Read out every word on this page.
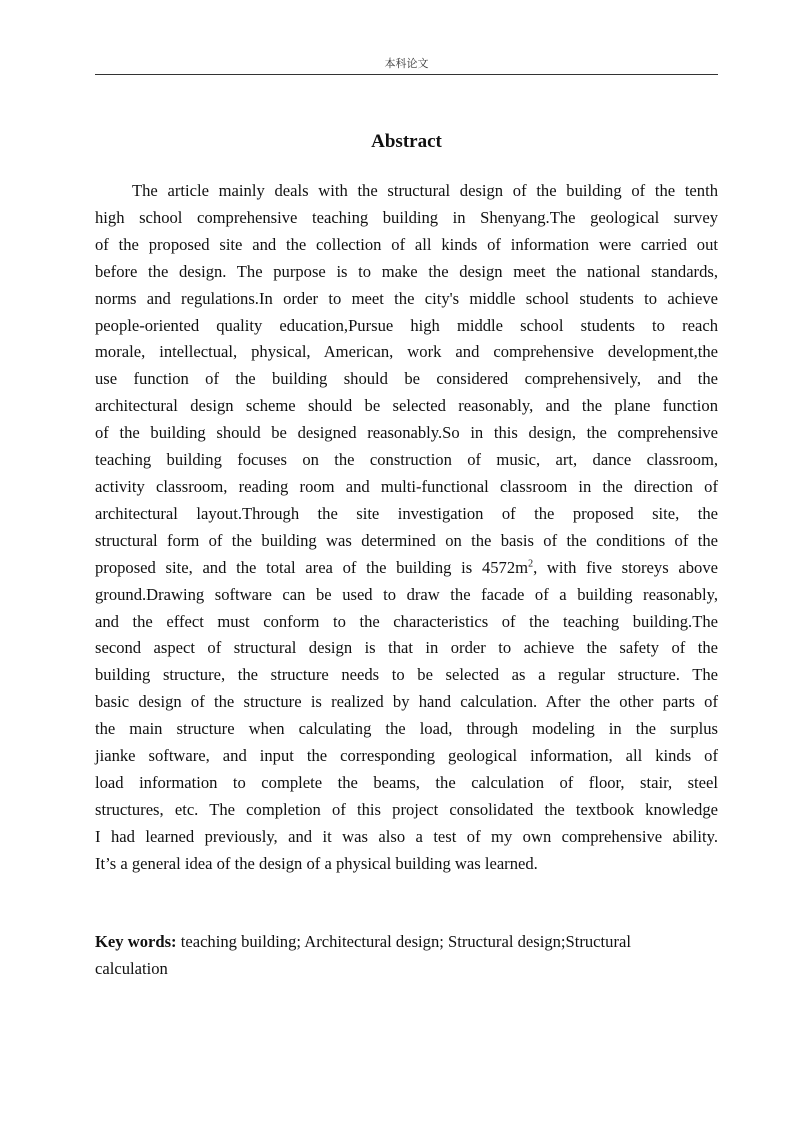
本科论文
Abstract
The article mainly deals with the structural design of the building of the tenth
high school comprehensive teaching building in Shenyang.The geological survey
of the proposed site and the collection of all kinds of information were carried out
before the design. The purpose is to make the design meet the national standards,
norms and regulations.In order to meet the city's middle school students to achieve
people-oriented quality education,Pursue high middle school students to reach
morale, intellectual, physical, American, work and comprehensive development,the
use function of the building should be considered comprehensively, and the
architectural design scheme should be selected reasonably, and the plane function
of the building should be designed reasonably.So in this design, the comprehensive
teaching building focuses on the construction of music, art, dance classroom,
activity classroom, reading room and multi-functional classroom in the direction of
architectural layout.Through the site investigation of the proposed site, the
structural form of the building was determined on the basis of the conditions of the
proposed site, and the total area of the building is $4572m^2$, with five storeys above
ground.Drawing software can be used to draw the facade of a building reasonably,
and the effect must conform to the characteristics of the teaching building.The
second aspect of structural design is that in order to achieve the safety of the
building structure, the structure needs to be selected as a regular structure. The
basic design of the structure is realized by hand calculation. After the other parts of
the main structure when calculating the load, through modeling in the surplus
jianke software, and input the corresponding geological information, all kinds of
load information to complete the beams, the calculation of floor, stair, steel
structures, etc. The completion of this project consolidated the textbook knowledge
I had learned previously, and it was also a test of my own comprehensive ability.
It’s a general idea of the design of a physical building was learned.
Key words: teaching building; Architectural design; Structural design;Structural
calculation
